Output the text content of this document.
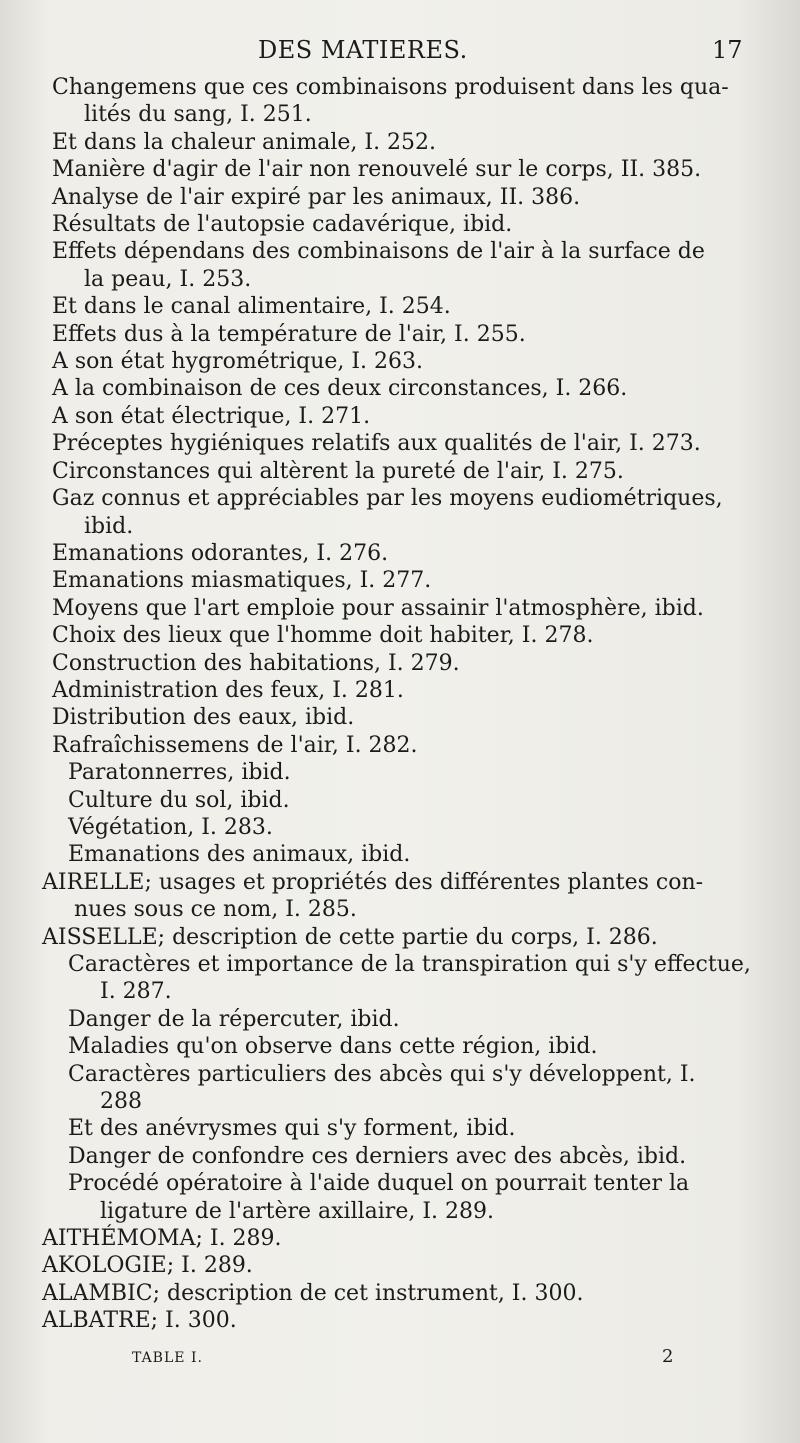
DES MATIERES.	17
Changemens que ces combinaisons produisent dans les qua-
lités du sang, I. 251.
Et dans la chaleur animale, I. 252.
Manière d'agir de l'air non renouvelé sur le corps, II. 385.
Analyse de l'air expiré par les animaux, II. 386.
Résultats de l'autopsie cadavérique, ibid.
Effets dépendans des combinaisons de l'air à la surface de
la peau, I. 253.
Et dans le canal alimentaire, I. 254.
Effets dus à la température de l'air, I. 255.
A son état hygrométrique, I. 263.
A la combinaison de ces deux circonstances, I. 266.
A son état électrique, I. 271.
Préceptes hygiéniques relatifs aux qualités de l'air, I. 273.
Circonstances qui altèrent la pureté de l'air, I. 275.
Gaz connus et appréciables par les moyens eudiométriques,
ibid.
Emanations odorantes, I. 276.
Emanations miasmatiques, I. 277.
Moyens que l'art emploie pour assainir l'atmosphère, ibid.
Choix des lieux que l'homme doit habiter, I. 278.
Construction des habitations, I. 279.
Administration des feux, I. 281.
Distribution des eaux, ibid.
Rafraîchissemens de l'air, I. 282.
Paratonnerres, ibid.
Culture du sol, ibid.
Végétation, I. 283.
Emanations des animaux, ibid.
AIRELLE; usages et propriétés des différentes plantes con-
nues sous ce nom, I. 285.
AISSELLE; description de cette partie du corps, I. 286.
Caractères et importance de la transpiration qui s'y effectue,
I. 287.
Danger de la répercuter, ibid.
Maladies qu'on observe dans cette région, ibid.
Caractères particuliers des abcès qui s'y développent, I.
288
Et des anévrysmes qui s'y forment, ibid.
Danger de confondre ces derniers avec des abcès, ibid.
Procédé opératoire à l'aide duquel on pourrait tenter la
ligature de l'artère axillaire, I. 289.
AITHÉMOMA; I. 289.
AKOLOGIE; I. 289.
ALAMBIC; description de cet instrument, I. 300.
ALBATRE; I. 300.
TABLE I.	2
